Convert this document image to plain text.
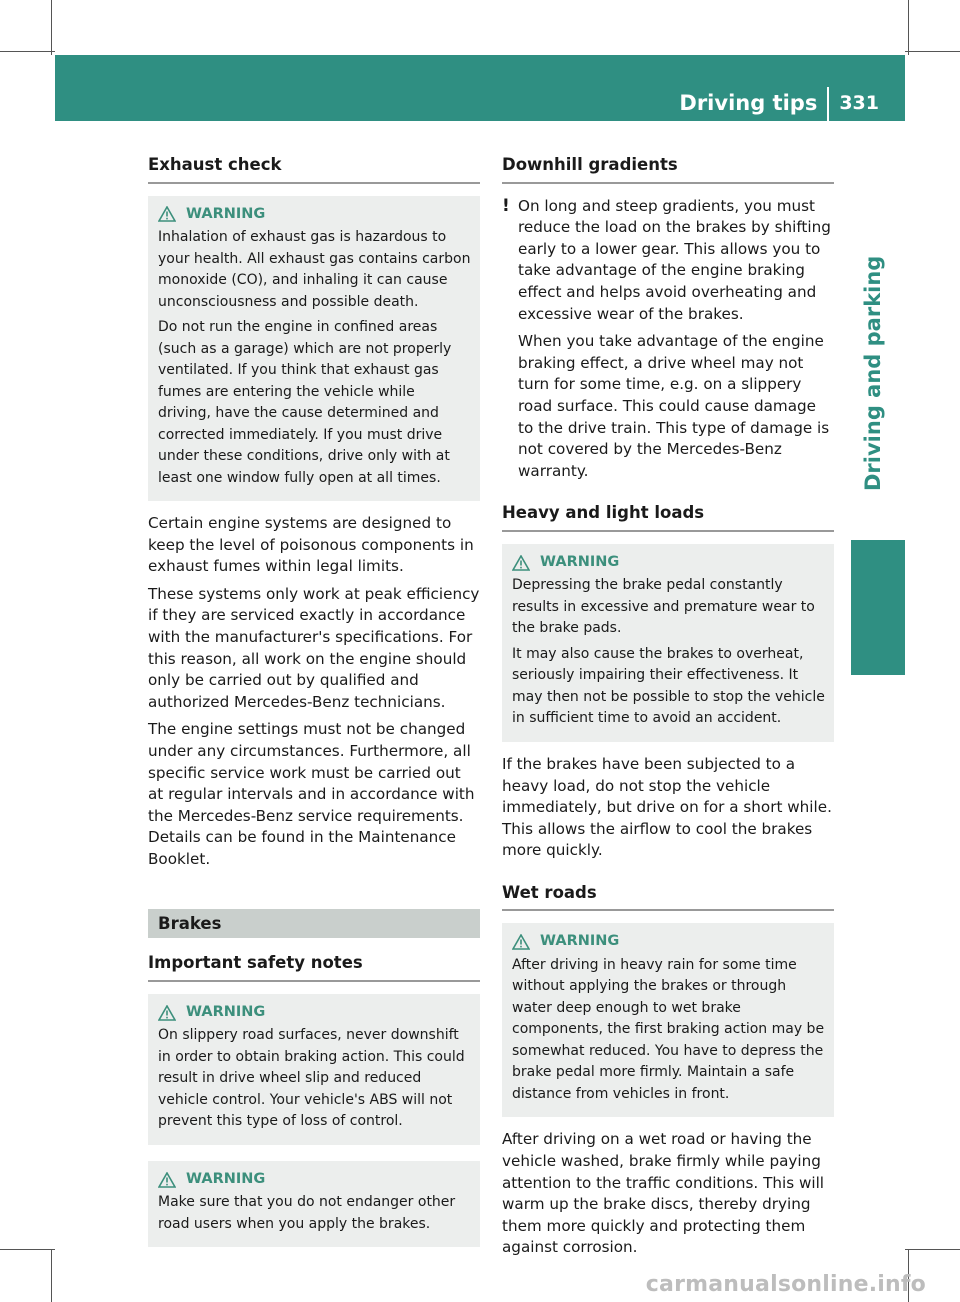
Driving tips 331
Driving and parking
Exhaust check
WARNING

Inhalation of exhaust gas is hazardous to your health. All exhaust gas contains carbon monoxide (CO), and inhaling it can cause unconsciousness and possible death.

Do not run the engine in confined areas (such as a garage) which are not properly ventilated. If you think that exhaust gas fumes are entering the vehicle while driving, have the cause determined and corrected immediately. If you must drive under these conditions, drive only with at least one window fully open at all times.

Certain engine systems are designed to keep the level of poisonous components in exhaust fumes within legal limits.

These systems only work at peak efficiency if they are serviced exactly in accordance with the manufacturer's specifications. For this reason, all work on the engine should only be carried out by qualified and authorized Mercedes-Benz technicians.

The engine settings must not be changed under any circumstances. Furthermore, all specific service work must be carried out at regular intervals and in accordance with the Mercedes-Benz service requirements. Details can be found in the Maintenance Booklet.

Brakes
Important safety notes
WARNING

On slippery road surfaces, never downshift in order to obtain braking action. This could result in drive wheel slip and reduced vehicle control. Your vehicle's ABS will not prevent this type of loss of control.

WARNING

Make sure that you do not endanger other road users when you apply the brakes.

Downhill gradients
! On long and steep gradients, you must reduce the load on the brakes by shifting early to a lower gear. This allows you to take advantage of the engine braking effect and helps avoid overheating and excessive wear of the brakes.

When you take advantage of the engine braking effect, a drive wheel may not turn for some time, e.g. on a slippery road surface. This could cause damage to the drive train. This type of damage is not covered by the Mercedes-Benz warranty.

Heavy and light loads
WARNING

Depressing the brake pedal constantly results in excessive and premature wear to the brake pads.

It may also cause the brakes to overheat, seriously impairing their effectiveness. It may then not be possible to stop the vehicle in sufficient time to avoid an accident.

If the brakes have been subjected to a heavy load, do not stop the vehicle immediately, but drive on for a short while. This allows the airflow to cool the brakes more quickly.

Wet roads
WARNING

After driving in heavy rain for some time without applying the brakes or through water deep enough to wet brake components, the first braking action may be somewhat reduced. You have to depress the brake pedal more firmly. Maintain a safe distance from vehicles in front.

After driving on a wet road or having the vehicle washed, brake firmly while paying attention to the traffic conditions. This will warm up the brake discs, thereby drying them more quickly and protecting them against corrosion.

carmanualsonline.info
